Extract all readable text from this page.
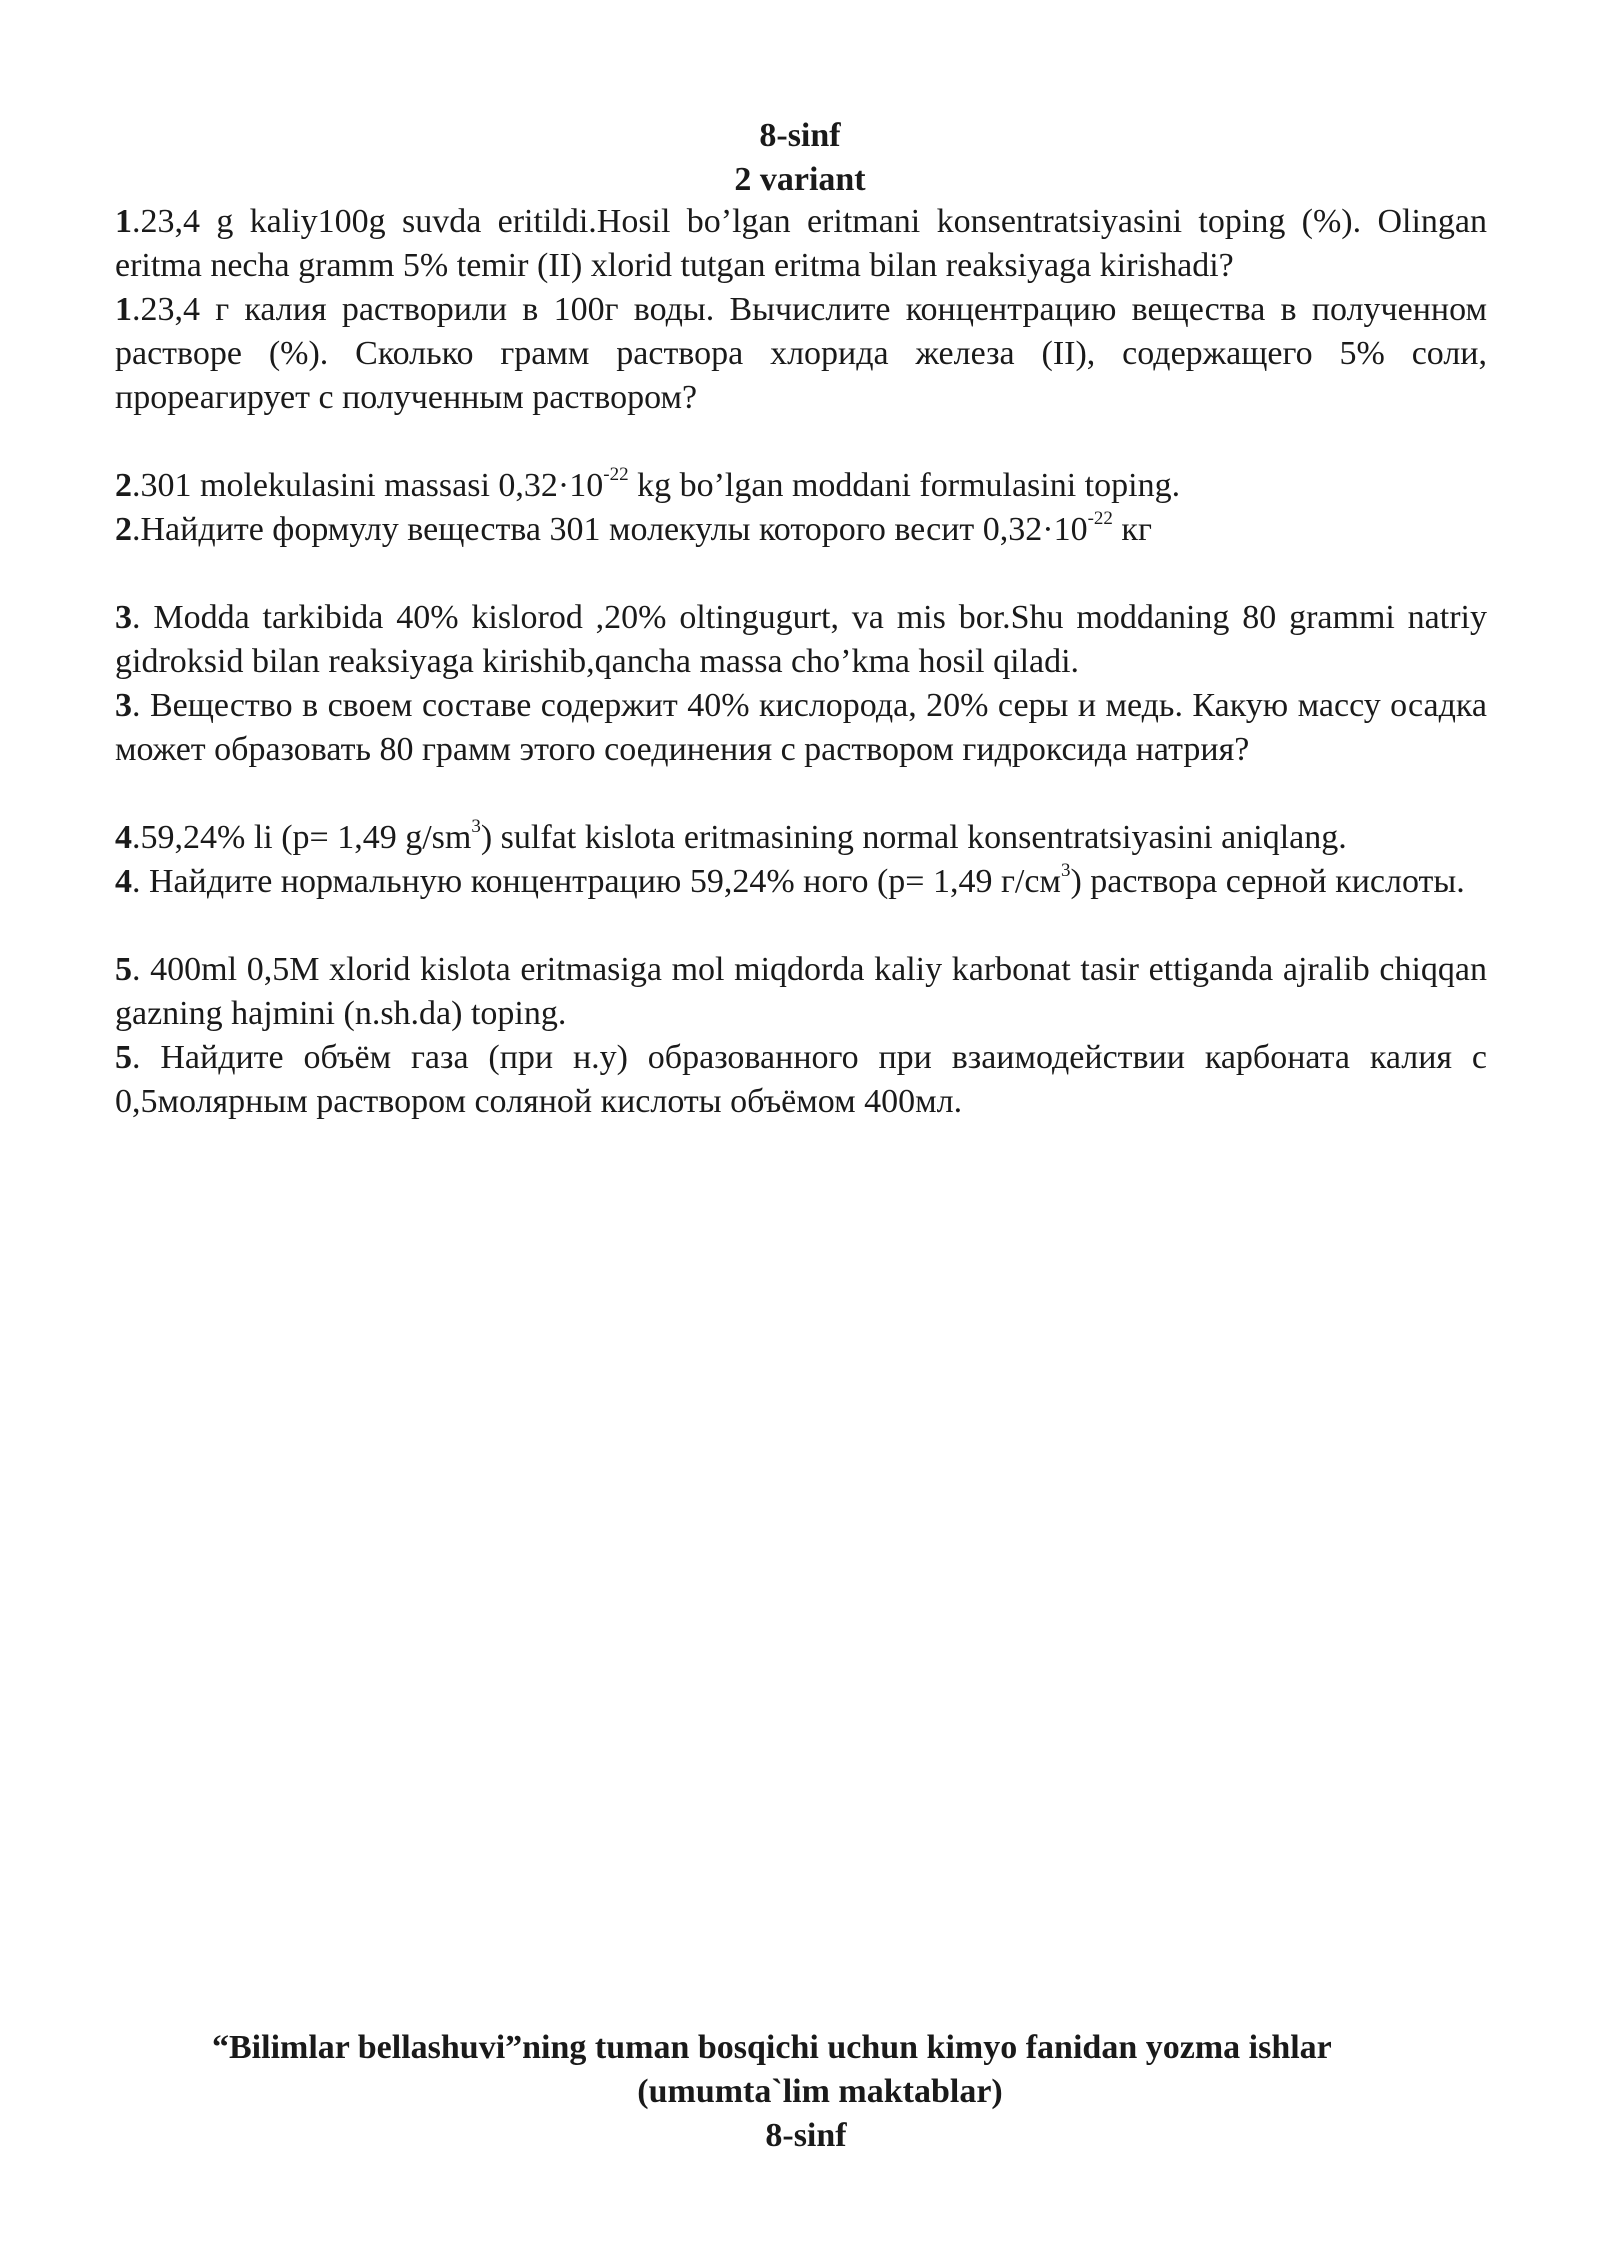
8-sinf
2 variant

1.23,4 g kaliy100g suvda eritildi.Hosil bo’lgan eritmani konsentratsiyasini toping (%). Olingan eritma necha gramm 5% temir (II) xlorid tutgan eritma bilan reaksiyaga kirishadi?

1.23,4 г калия растворили в 100г воды. Вычислите концентрацию вещества в полученном растворе (%). Сколько грамм раствора хлорида железа (II), содержащего 5% соли, прореагирует с полученным раствором?

2.301 molekulasini massasi $0,32\cdot 10^{-22}$ kg bo’lgan moddani formulasini toping.

2.Найдите формулу вещества 301 молекулы которого весит $0,32\cdot 10^{-22}$ кг

3. Modda tarkibida 40% kislorod ,20% oltingugurt, va mis bor.Shu moddaning 80 grammi natriy gidroksid bilan reaksiyaga kirishib,qancha massa cho’kma hosil qiladi.

3. Вещество в своем составе содержит 40% кислорода, 20% серы и медь. Какую массу осадка может образовать 80 грамм этого соединения с раствором гидроксида натрия?

4.59,24% li (p= 1,49 $g/sm^3$) sulfat kislota eritmasining normal konsentratsiyasini aniqlang.

4. Найдите нормальную концентрацию 59,24% ного (p= 1,49 $г/см^3$) раствора серной кислоты.

5. 400ml 0,5M xlorid kislota eritmasiga mol miqdorda kaliy karbonat tasir ettiganda ajralib chiqqan gazning hajmini (n.sh.da) toping.

5. Найдите объём газа (при н.у) образованного при взаимодействии карбоната калия с 0,5молярным раствором соляной кислоты объёмом 400мл.

“Bilimlar bellashuvi”ning tuman bosqichi uchun kimyo fanidan yozma ishlar
(umumta`lim maktablar)
8-sinf
